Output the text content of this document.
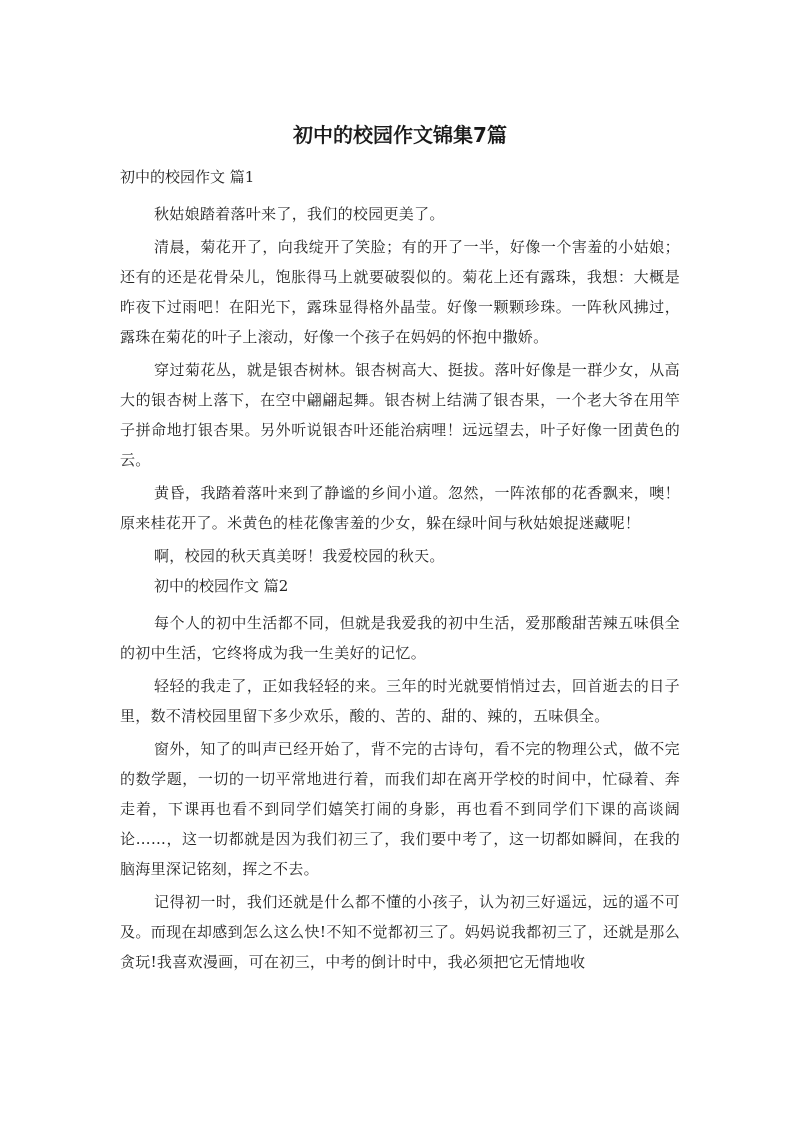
初中的校园作文锦集7篇
初中的校园作文 篇1

秋姑娘踏着落叶来了，我们的校园更美了。

清晨，菊花开了，向我绽开了笑脸；有的开了一半，好像一个害羞的小姑娘；还有的还是花骨朵儿，饱胀得马上就要破裂似的。菊花上还有露珠，我想：大概是昨夜下过雨吧！在阳光下，露珠显得格外晶莹。好像一颗颗珍珠。一阵秋风拂过，露珠在菊花的叶子上滚动，好像一个孩子在妈妈的怀抱中撒娇。

穿过菊花丛，就是银杏树林。银杏树高大、挺拔。落叶好像是一群少女，从高大的银杏树上落下，在空中翩翩起舞。银杏树上结满了银杏果，一个老大爷在用竿子拼命地打银杏果。另外听说银杏叶还能治病哩！远远望去，叶子好像一团黄色的云。

黄昏，我踏着落叶来到了静谧的乡间小道。忽然，一阵浓郁的花香飘来，噢！原来桂花开了。米黄色的桂花像害羞的少女，躲在绿叶间与秋姑娘捉迷藏呢！

啊，校园的秋天真美呀！我爱校园的秋天。

初中的校园作文 篇2

每个人的初中生活都不同，但就是我爱我的初中生活，爱那酸甜苦辣五味俱全的初中生活，它终将成为我一生美好的记忆。

轻轻的我走了，正如我轻轻的来。三年的时光就要悄悄过去，回首逝去的日子里，数不清校园里留下多少欢乐，酸的、苦的、甜的、辣的，五味俱全。

窗外，知了的叫声已经开始了，背不完的古诗句，看不完的物理公式，做不完的数学题，一切的一切平常地进行着，而我们却在离开学校的时间中，忙碌着、奔走着，下课再也看不到同学们嬉笑打闹的身影，再也看不到同学们下课的高谈阔论……，这一切都就是因为我们初三了，我们要中考了，这一切都如瞬间，在我的脑海里深记铭刻，挥之不去。

记得初一时，我们还就是什么都不懂的小孩子，认为初三好遥远，远的遥不可及。而现在却感到怎么这么快!不知不觉都初三了。妈妈说我都初三了，还就是那么贪玩!我喜欢漫画，可在初三，中考的倒计时中，我必须把它无情地收
